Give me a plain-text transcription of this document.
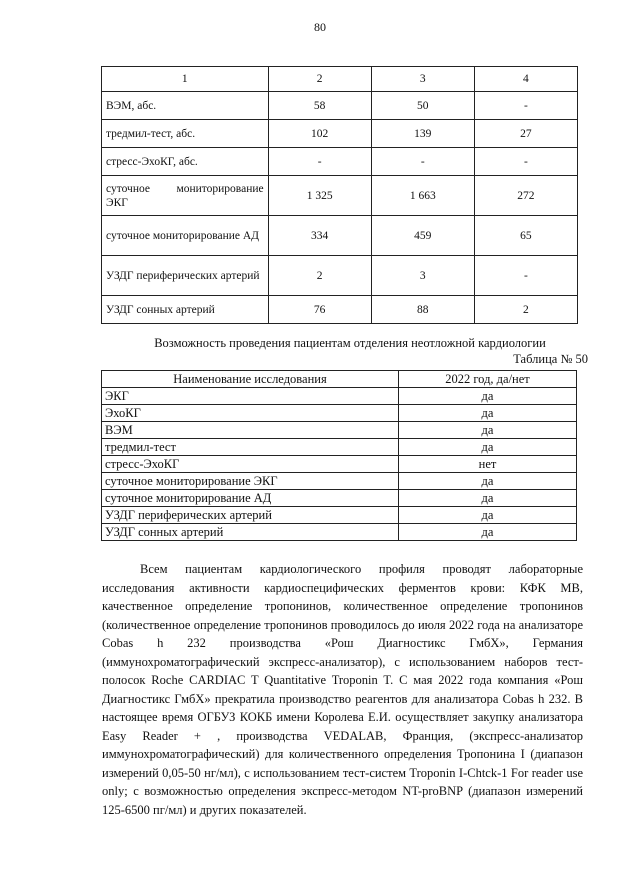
80
1	2	3	4
ВЭМ, абс.	58	50	-
тредмил-тест, абс.	102	139	27
стресс-ЭхоКГ, абс.	-	-	-

суточное мониторирование ЭКГ	1 325	1 663	272

суточное мониторирование АД	334	459	65

УЗДГ периферических артерий	2	3	-
УЗДГ сонных артерий	76	88	2
Возможность проведения пациентам отделения неотложной кардиологии
Таблица № 50
Наименование исследования	2022 год, да/нет
ЭКГ	да
ЭхоКГ	да
ВЭМ	да
тредмил-тест	да
стресс-ЭхоКГ	нет
суточное мониторирование ЭКГ	да
суточное мониторирование АД	да
УЗДГ периферических артерий	да
УЗДГ сонных артерий	да

Всем пациентам кардиологического профиля проводят лабораторные исследования активности кардиоспецифических ферментов крови: КФК МВ, качественное определение тропонинов, количественное определение тропонинов (количественное определение тропонинов проводилось до июля 2022 года на анализаторе Cobas h 232 производства «Рош Диагностикс ГмбХ», Германия (иммунохроматографический экспресс-анализатор), с использованием наборов тест-полосок Roche CARDIAC T Quantitative Troponin T. С мая 2022 года компания «Рош Диагностикс ГмбХ» прекратила производство реагентов для анализатора Cobas h 232. В настоящее время ОГБУЗ КОКБ имени Королева Е.И. осуществляет закупку анализатора Easy Reader + , производства VEDALAB, Франция, (экспресс-анализатор иммунохроматографический) для количественного определения Тропонина I (диапазон измерений 0,05-50 нг/мл), с использованием тест-систем Troponin I-Chtck-1 For reader use only; с возможностью определения экспресс-методом NT-proBNP (диапазон измерений 125-6500 пг/мл) и других показателей.
